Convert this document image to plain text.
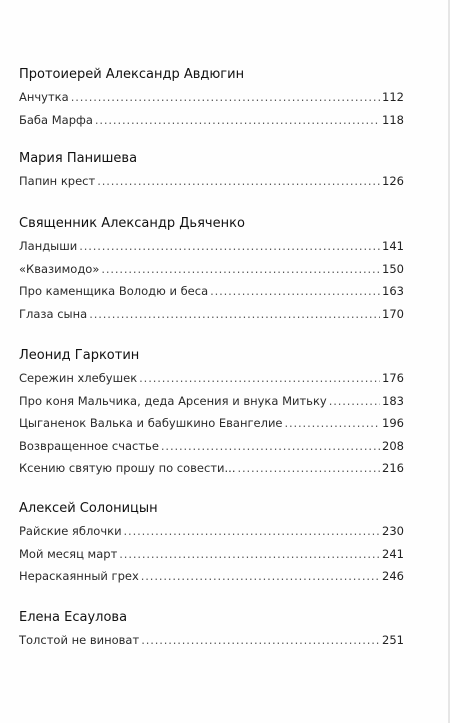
Протоиерей Александр Авдюгин
Анчутка . . .	112
Баба Марфа . . .	118
Мария Панишева
Папин крест . . .	126
Священник Александр Дьяченко
Ландыши . . .	141
«Квазимодо» . . .	150
Про каменщика Володю и беса . . .	163
Глаза сына . . .	170
Леонид Гаркотин
Сережин хлебушек . . .	176
Про коня Мальчика, деда Арсения и внука Митьку . . .	183
Цыганенок Валька и бабушкино Евангелие . . .	196
Возвращенное счастье . . .	208
Ксению святую прошу по совести... . . .	216
Алексей Солоницын
Райские яблочки . . .	230
Мой месяц март . . .	241
Нераскаянный грех . . .	246
Елена Есаулова
Толстой не виноват . . .	251
